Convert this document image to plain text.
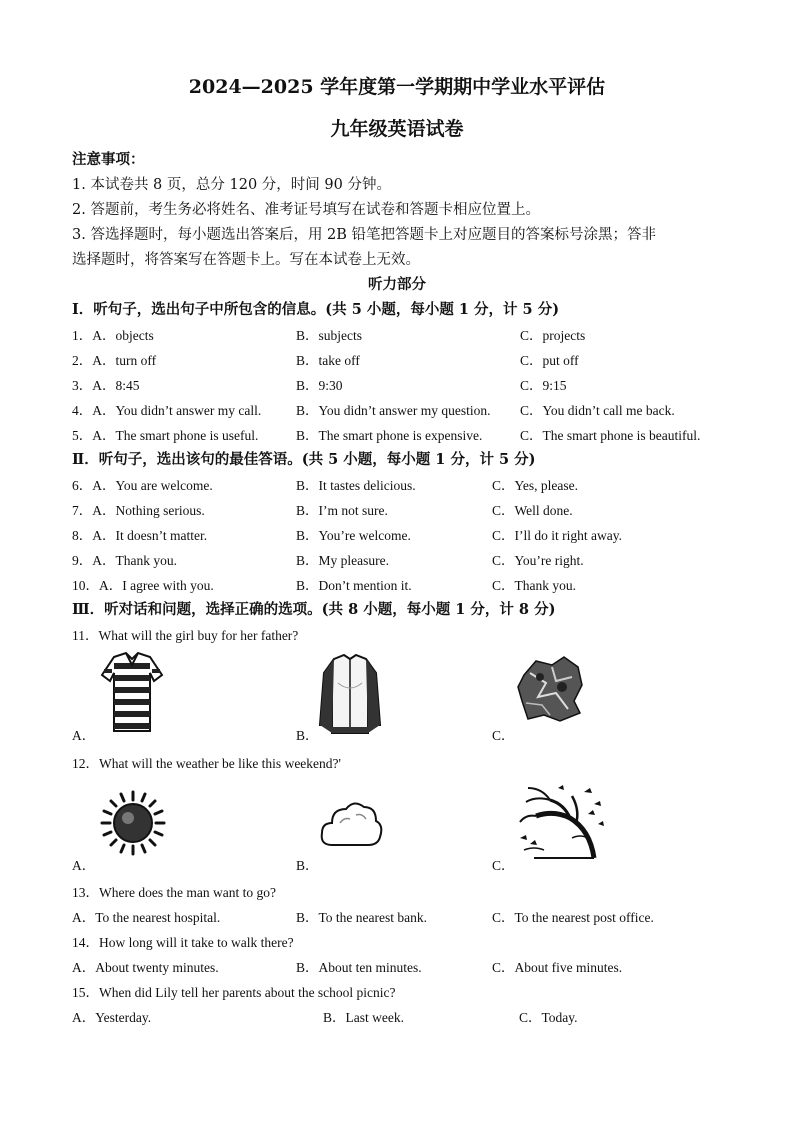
2024—2025 学年度第一学期期中学业水平评估
九年级英语试卷
注意事项：
1. 本试卷共 8 页，总分 120 分，时间 90 分钟。
2. 答题前，考生务必将姓名、准考证号填写在试卷和答题卡相应位置上。
3. 答选择题时，每小题选出答案后，用 2B 铅笔把答题卡上对应题目的答案标号涂黑；答非
选择题时，将答案写在答题卡上。写在本试卷上无效。
听力部分
Ⅰ．听句子，选出句子中所包含的信息。(共 5 小题，每小题 1 分，计 5 分)
1．A．objects	B．subjects	C．projects
2．A．turn off	B．take off	C．put off
3．A．8:45	B．9:30	C．9:15
4．A．You didn’t answer my call.	B．You didn’t answer my question. C．You didn’t call me back.
5．A．The smart phone is useful.	B．The smart phone is expensive.	C．The smart phone is beautiful.
Ⅱ．听句子，选出该句的最佳答语。(共 5 小题，每小题 1 分，计 5 分)
6．A．You are welcome.	B．It tastes delicious.	C．Yes, please.
7．A．Nothing serious.	B．I’m not sure.	C．Well done.
8．A．It doesn’t matter.	B．You’re welcome.	C．I’ll do it right away.
9．A．Thank you.	B．My pleasure.	C．You’re right.
10．A．I agree with you.	B．Don’t mention it.	C．Thank you.
Ⅲ．听对话和问题，选择正确的选项。(共 8 小题，每小题 1 分，计 8 分)
11．What will the girl buy for her father?
A．	B．	C．
12．What will the weather be like this weekend?'
A．	B．	C．
13．Where does the man want to go?
A．To the nearest hospital.	B．To the nearest bank.	C．To the nearest post office.
14．How long will it take to walk there?
A．About twenty minutes.	B．About ten minutes.	C．About five minutes.
15．When did Lily tell her parents about the school picnic?
A．Yesterday.	B．Last week.	C．Today.
